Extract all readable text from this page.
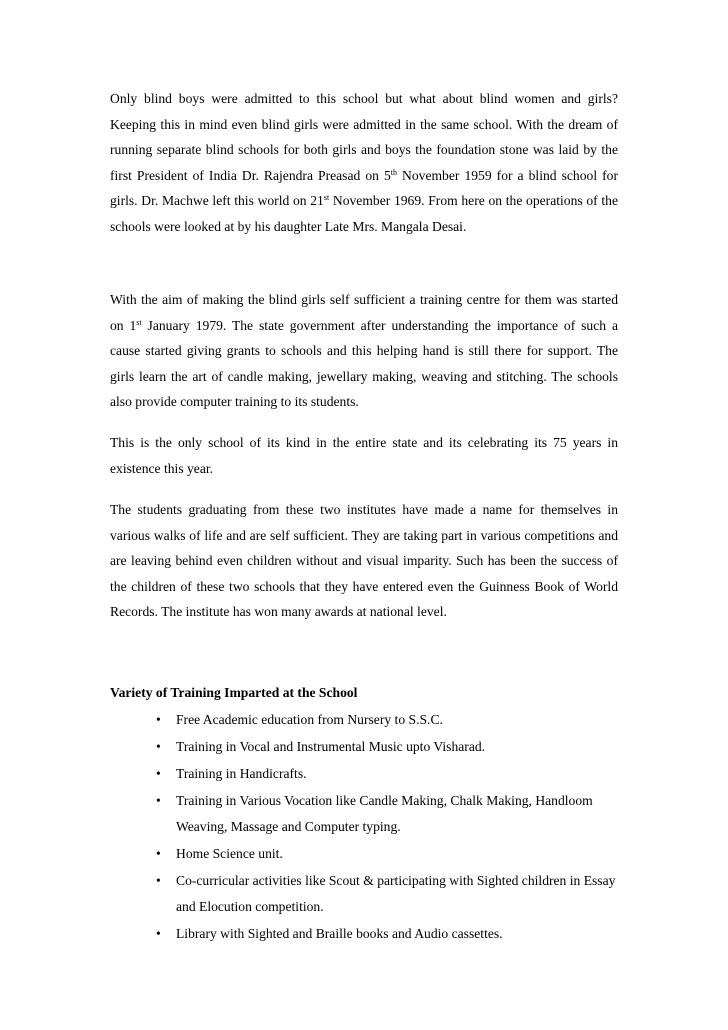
Only blind boys were admitted to this school but what about blind women and girls? Keeping this in mind even blind girls were admitted in the same school. With the dream of running separate blind schools for both girls and boys the foundation stone was laid by the first President of India Dr. Rajendra Preasad on 5th November 1959 for a blind school for girls. Dr. Machwe left this world on 21st November 1969. From here on the operations of the schools were looked at by his daughter Late Mrs. Mangala Desai.

With the aim of making the blind girls self sufficient a training centre for them was started on 1st January 1979. The state government after understanding the importance of such a cause started giving grants to schools and this helping hand is still there for support. The girls learn the art of candle making, jewellary making, weaving and stitching. The schools also provide computer training to its students.

This is the only school of its kind in the entire state and its celebrating its 75 years in existence this year.

The students graduating from these two institutes have made a name for themselves in various walks of life and are self sufficient. They are taking part in various competitions and are leaving behind even children without and visual imparity. Such has been the success of the children of these two schools that they have entered even the Guinness Book of World Records. The institute has won many awards at national level.

Variety of Training Imparted at the School

• Free Academic education from Nursery to S.S.C.
• Training in Vocal and Instrumental Music upto Visharad.
• Training in Handicrafts.
• Training in Various Vocation like Candle Making, Chalk Making, Handloom Weaving, Massage and Computer typing.
• Home Science unit.
• Co-curricular activities like Scout & participating with Sighted children in Essay and Elocution competition.
• Library with Sighted and Braille books and Audio cassettes.
